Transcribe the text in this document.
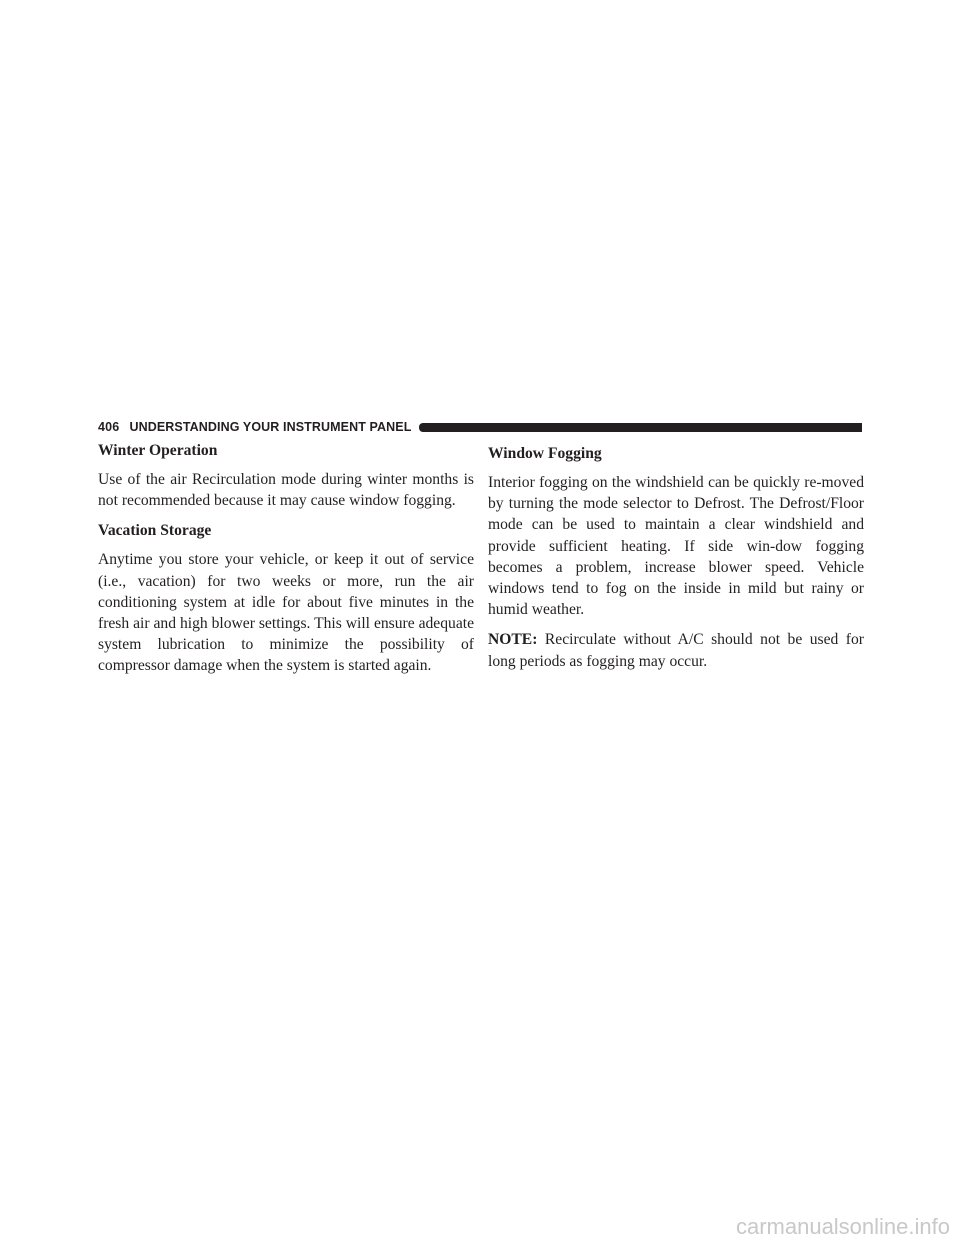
406 UNDERSTANDING YOUR INSTRUMENT PANEL
Winter Operation

Use of the air Recirculation mode during winter months is not recommended because it may cause window fogging.

Vacation Storage

Anytime you store your vehicle, or keep it out of service (i.e., vacation) for two weeks or more, run the air conditioning system at idle for about five minutes in the fresh air and high blower settings. This will ensure adequate system lubrication to minimize the possibility of compressor damage when the system is started again.

Window Fogging

Interior fogging on the windshield can be quickly re-moved by turning the mode selector to Defrost. The Defrost/Floor mode can be used to maintain a clear windshield and provide sufficient heating. If side win-dow fogging becomes a problem, increase blower speed. Vehicle windows tend to fog on the inside in mild but rainy or humid weather.

NOTE: Recirculate without A/C should not be used for long periods as fogging may occur.

carmanualsonline.info
